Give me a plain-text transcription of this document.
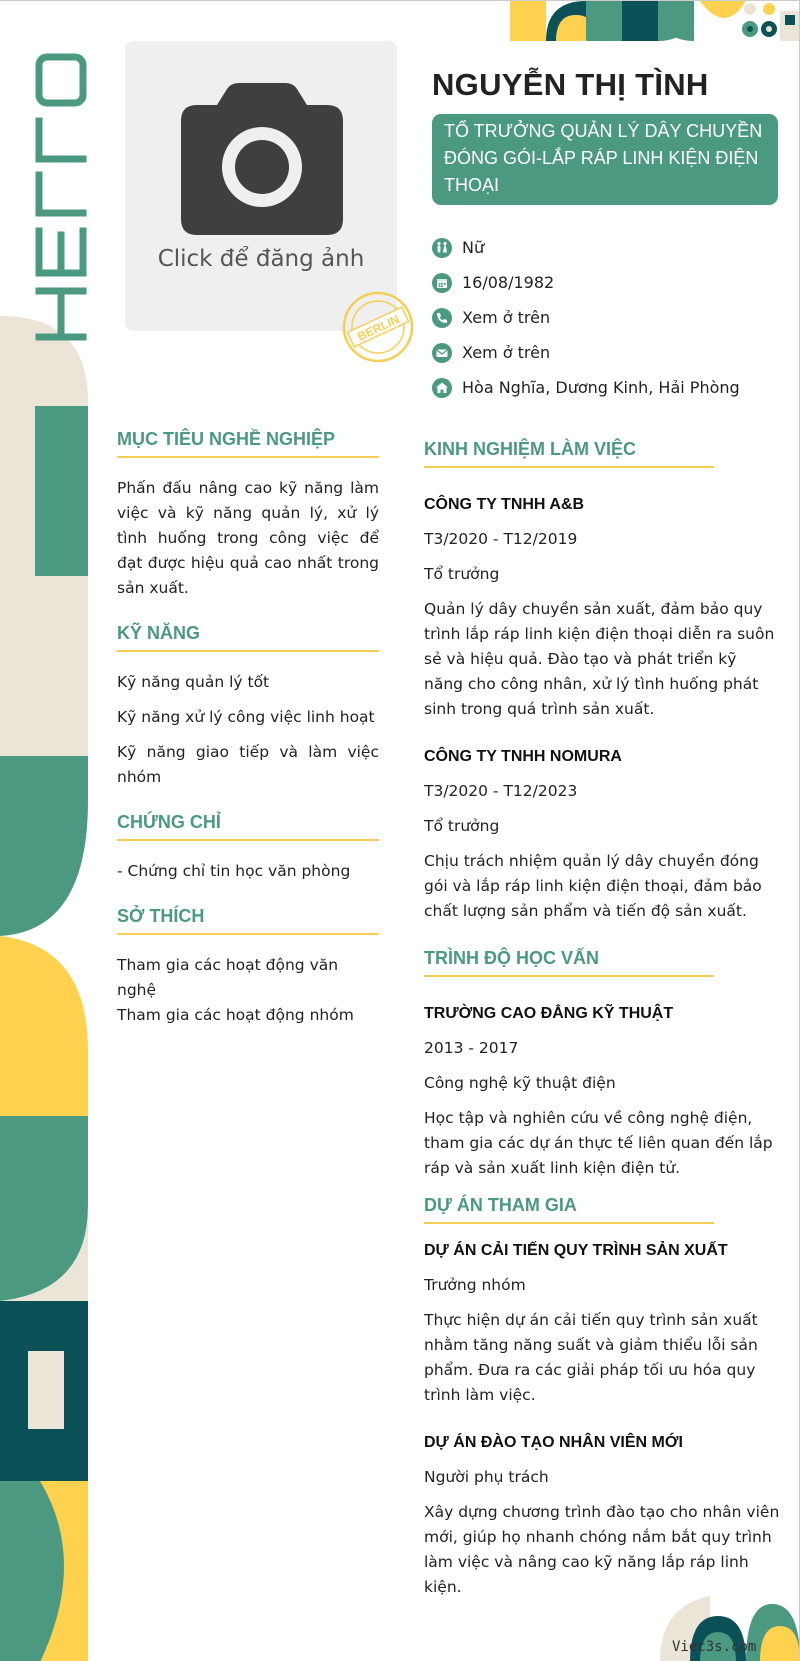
Click để đăng ảnh
BERLIN
NGUYỄN THỊ TÌNH
TỔ TRƯỞNG QUẢN LÝ DÂY CHUYỀN ĐÓNG GÓI-LẮP RÁP LINH KIỆN ĐIỆN THOẠI
Nữ
16/08/1982
Xem ở trên
Xem ở trên
Hòa Nghĩa, Dương Kinh, Hải Phòng
MỤC TIÊU NGHỀ NGHIỆP
Phấn đấu nâng cao kỹ năng làm việc và kỹ năng quản lý, xử lý tình huống trong công việc để đạt được hiệu quả cao nhất trong sản xuất.
KỸ NĂNG
Kỹ năng quản lý tốt
Kỹ năng xử lý công việc linh hoạt
Kỹ năng giao tiếp và làm việc nhóm
CHỨNG CHỈ
- Chứng chỉ tin học văn phòng
SỞ THÍCH
Tham gia các hoạt động văn nghệ
Tham gia các hoạt động nhóm
KINH NGHIỆM LÀM VIỆC
CÔNG TY TNHH A&B
T3/2020 - T12/2019
Tổ trưởng
Quản lý dây chuyền sản xuất, đảm bảo quy trình lắp ráp linh kiện điện thoại diễn ra suôn sẻ và hiệu quả. Đào tạo và phát triển kỹ năng cho công nhân, xử lý tình huống phát sinh trong quá trình sản xuất.
CÔNG TY TNHH NOMURA
T3/2020 - T12/2023
Tổ trưởng
Chịu trách nhiệm quản lý dây chuyền đóng gói và lắp ráp linh kiện điện thoại, đảm bảo chất lượng sản phẩm và tiến độ sản xuất.
TRÌNH ĐỘ HỌC VẤN
TRƯỜNG CAO ĐẲNG KỸ THUẬT
2013 - 2017
Công nghệ kỹ thuật điện
Học tập và nghiên cứu về công nghệ điện, tham gia các dự án thực tế liên quan đến lắp ráp và sản xuất linh kiện điện tử.
DỰ ÁN THAM GIA
DỰ ÁN CẢI TIẾN QUY TRÌNH SẢN XUẤT
Trưởng nhóm
Thực hiện dự án cải tiến quy trình sản xuất nhằm tăng năng suất và giảm thiểu lỗi sản phẩm. Đưa ra các giải pháp tối ưu hóa quy trình làm việc.
DỰ ÁN ĐÀO TẠO NHÂN VIÊN MỚI
Người phụ trách
Xây dựng chương trình đào tạo cho nhân viên mới, giúp họ nhanh chóng nắm bắt quy trình làm việc và nâng cao kỹ năng lắp ráp linh kiện.
Viec3s.com
